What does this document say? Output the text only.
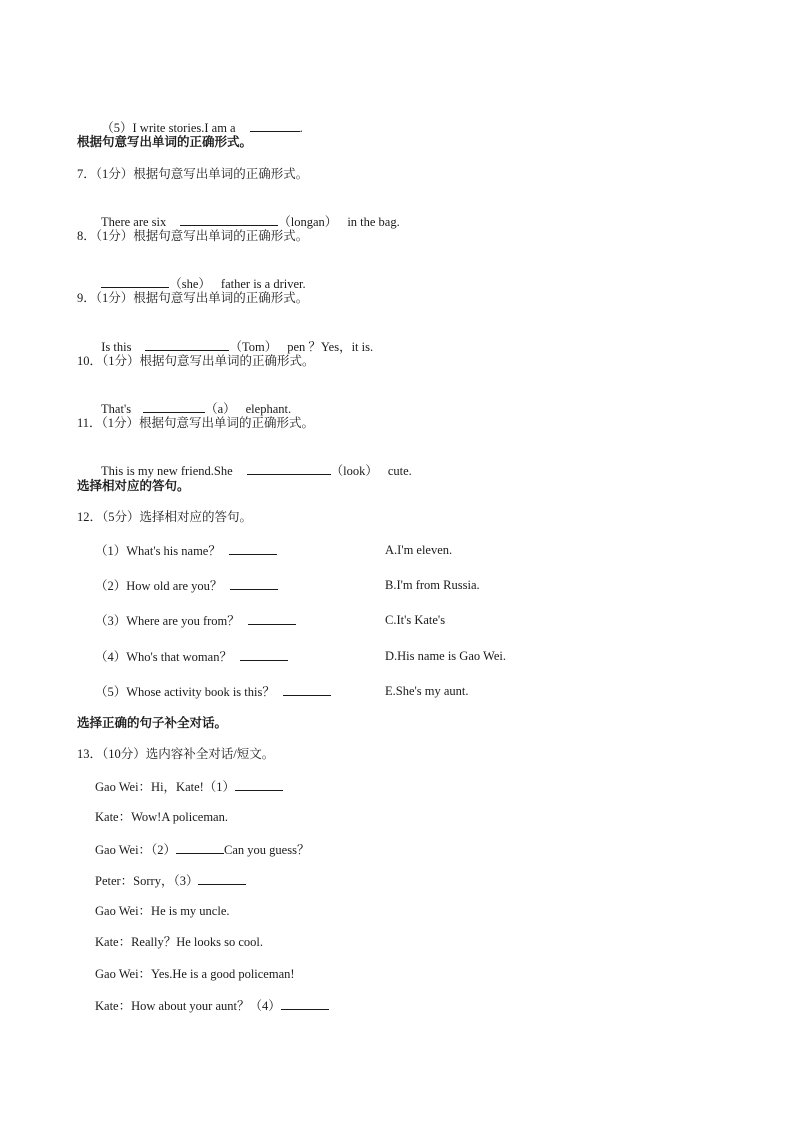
（5）I write stories.I am a	.

根据句意写出单词的正确形式。
7．（1分）根据句意写出单词的正确形式。

There are six	（longan） in the bag.

8．（1分）根据句意写出单词的正确形式。

（she） father is a driver.

9．（1分）根据句意写出单词的正确形式。

Is this	（Tom） pen ？Yes，it is.

10．（1分）根据句意写出单词的正确形式。

That's	（a） elephant.

11．（1分）根据句意写出单词的正确形式。

This is my new friend.She	（look） cute.

选择相对应的答句。
12．（5分）选择相对应的答句。
（1）What's his name？	A.I'm eleven.
（2）How old are you？	B.I'm from Russia.
（3）Where are you from？	C.It's Kate's
（4）Who's that woman？	D.His name is Gao Wei.
（5）Whose activity book is this？	E.She's my aunt.
选择正确的句子补全对话。
13．（10分）选内容补全对话/短文。
Gao Wei：Hi，Kate!（1）
Kate：Wow!A policeman.
Gao Wei：（2）	Can you guess？
Peter：Sorry，（3）
Gao Wei：He is my uncle.
Kate：Really？He looks so cool.
Gao Wei：Yes.He is a good policeman!
Kate：How about your aunt？（4）
